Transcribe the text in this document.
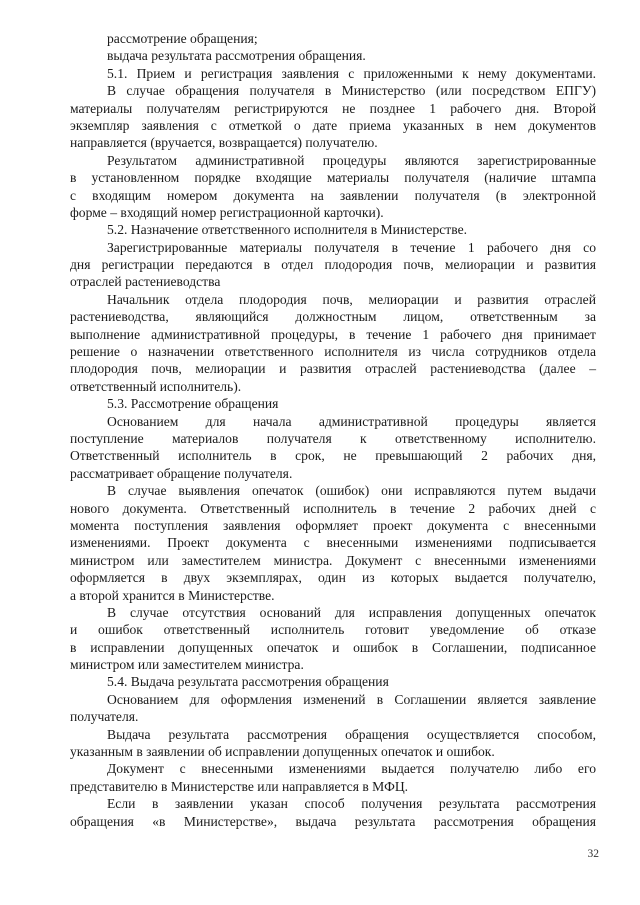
рассмотрение обращения;
выдача результата рассмотрения обращения.
5.1. Прием и регистрация заявления с приложенными к нему документами.
В случае обращения получателя в Министерство (или посредством ЕПГУ)
материалы получателям регистрируются не позднее 1 рабочего дня. Второй
экземпляр заявления с отметкой о дате приема указанных в нем документов
направляется (вручается, возвращается) получателю.
Результатом административной процедуры являются зарегистрированные
в установленном порядке входящие материалы получателя (наличие штампа
с входящим номером документа на заявлении получателя (в электронной
форме – входящий номер регистрационной карточки).
5.2. Назначение ответственного исполнителя в Министерстве.
Зарегистрированные материалы получателя в течение 1 рабочего дня со
дня регистрации передаются в отдел плодородия почв, мелиорации и развития
отраслей растениеводства
Начальник отдела плодородия почв, мелиорации и развития отраслей
растениеводства, являющийся должностным лицом, ответственным за
выполнение административной процедуры, в течение 1 рабочего дня принимает
решение о назначении ответственного исполнителя из числа сотрудников отдела
плодородия почв, мелиорации и развития отраслей растениеводства (далее –
ответственный исполнитель).
5.3. Рассмотрение обращения
Основанием для начала административной процедуры является
поступление материалов получателя к ответственному исполнителю.
Ответственный исполнитель в срок, не превышающий 2 рабочих дня,
рассматривает обращение получателя.
В случае выявления опечаток (ошибок) они исправляются путем выдачи
нового документа. Ответственный исполнитель в течение 2 рабочих дней с
момента поступления заявления оформляет проект документа с внесенными
изменениями. Проект документа с внесенными изменениями подписывается
министром или заместителем министра. Документ с внесенными изменениями
оформляется в двух экземплярах, один из которых выдается получателю,
а второй хранится в Министерстве.
В случае отсутствия оснований для исправления допущенных опечаток
и ошибок ответственный исполнитель готовит уведомление об отказе
в исправлении допущенных опечаток и ошибок в Соглашении, подписанное
министром или заместителем министра.
5.4. Выдача результата рассмотрения обращения
Основанием для оформления изменений в Соглашении является заявление
получателя.
Выдача результата рассмотрения обращения осуществляется способом,
указанным в заявлении об исправлении допущенных опечаток и ошибок.
Документ с внесенными изменениями выдается получателю либо его
представителю в Министерстве или направляется в МФЦ.
Если в заявлении указан способ получения результата рассмотрения
обращения «в Министерстве», выдача результата рассмотрения обращения
32
